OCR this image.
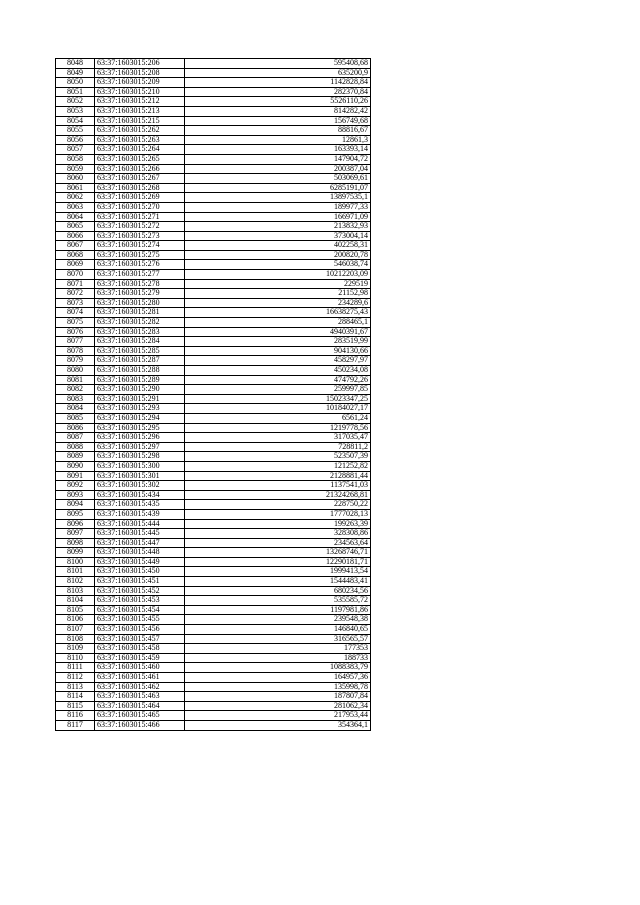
8048	63:37:1603015:206	595408,68
8049	63:37:1603015:208	635200,9
8050	63:37:1603015:209	1142828,84
8051	63:37:1603015:210	282370,84
8052	63:37:1603015:212	5526110,26
8053	63:37:1603015:213	814282,42
8054	63:37:1603015:215	156749,68
8055	63:37:1603015:262	88816,67
8056	63:37:1603015:263	12861,3
8057	63:37:1603015:264	163393,14
8058	63:37:1603015:265	147904,72
8059	63:37:1603015:266	200387,04
8060	63:37:1603015:267	503069,61
8061	63:37:1603015:268	6285191,07
8062	63:37:1603015:269	13897535,1
8063	63:37:1603015:270	189977,33
8064	63:37:1603015:271	166971,09
8065	63:37:1603015:272	213832,93
8066	63:37:1603015:273	373004,14
8067	63:37:1603015:274	402258,31
8068	63:37:1603015:275	200820,78
8069	63:37:1603015:276	546038,74
8070	63:37:1603015:277	10212203,09
8071	63:37:1603015:278	229519
8072	63:37:1603015:279	21152,98
8073	63:37:1603015:280	234289,6
8074	63:37:1603015:281	16638275,43
8075	63:37:1603015:282	288465,1
8076	63:37:1603015:283	4940391,67
8077	63:37:1603015:284	283519,99
8078	63:37:1603015:285	904130,66
8079	63:37:1603015:287	458297,97
8080	63:37:1603015:288	450234,08
8081	63:37:1603015:289	474792,26
8082	63:37:1603015:290	259997,85
8083	63:37:1603015:291	15023347,25
8084	63:37:1603015:293	10184027,17
8085	63:37:1603015:294	6561,24
8086	63:37:1603015:295	1219778,56
8087	63:37:1603015:296	317035,47
8088	63:37:1603015:297	728811,2
8089	63:37:1603015:298	523507,39
8090	63:37:1603015:300	121252,82
8091	63:37:1603015:301	2128881,44
8092	63:37:1603015:302	1137541,03
8093	63:37:1603015:434	21324268,81
8094	63:37:1603015:435	228750,22
8095	63:37:1603015:439	1777028,13
8096	63:37:1603015:444	199263,39
8097	63:37:1603015:445	328308,86
8098	63:37:1603015:447	234563,64
8099	63:37:1603015:448	13268746,71
8100	63:37:1603015:449	12290181,71
8101	63:37:1603015:450	1999413,54
8102	63:37:1603015:451	1544483,41
8103	63:37:1603015:452	680234,56
8104	63:37:1603015:453	535585,72
8105	63:37:1603015:454	1197981,86
8106	63:37:1603015:455	239548,38
8107	63:37:1603015:456	146840,65
8108	63:37:1603015:457	316565,57
8109	63:37:1603015:458	177353
8110	63:37:1603015:459	188733
8111	63:37:1603015:460	1088383,79
8112	63:37:1603015:461	164957,36
8113	63:37:1603015:462	135998,78
8114	63:37:1603015:463	187807,84
8115	63:37:1603015:464	281062,34
8116	63:37:1603015:465	217953,44
8117	63:37:1603015:466	354364,1
